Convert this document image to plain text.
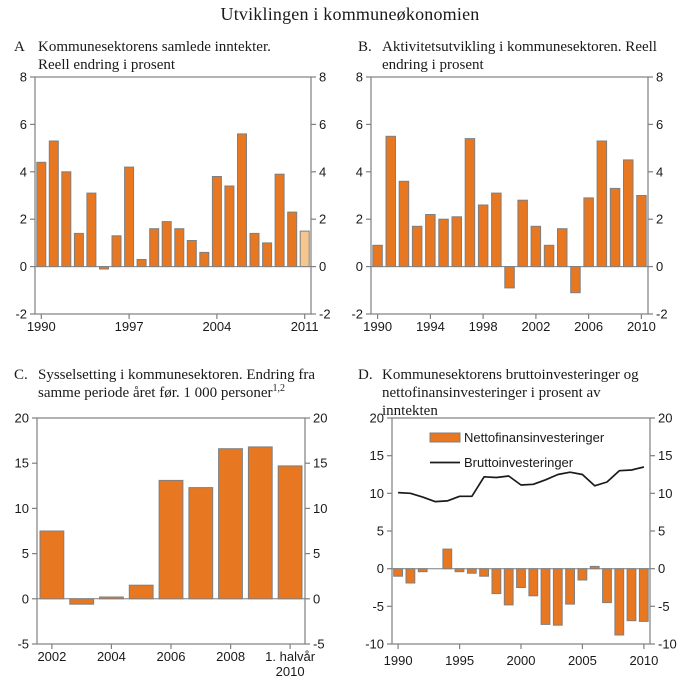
Utviklingen i kommuneøkonomien
A Kommunesektorens samlede inntekter.
Reell endring i prosent
B. Aktivitetsutvikling i kommunesektoren. Reell
endring i prosent
C. Sysselsetting i kommunesektoren. Endring fra
samme periode året før. 1 000 personer$^{1,2}$
D. Kommunesektorens bruttoinvesteringer og
nettofinansinvesteringer i prosent av
inntekten
-2	-2
0	0
2	2
4	4
6	6
8	8
1990	1997	2004	2011
-2	-2
0	0
2	2
4	4
6	6
8	8
1990 1994 1998 2002 2006 2010
-5	-5
0	0
5	5
10	10
15	15
20	20
2002 2004 2006 2008 1. halvår
2010
-10	-10
-5	-5
0	0
5	5
10	10
15	15
20	20
1990	1995 2000 2005	2010
Nettofinansinvesteringer
Bruttoinvesteringer
